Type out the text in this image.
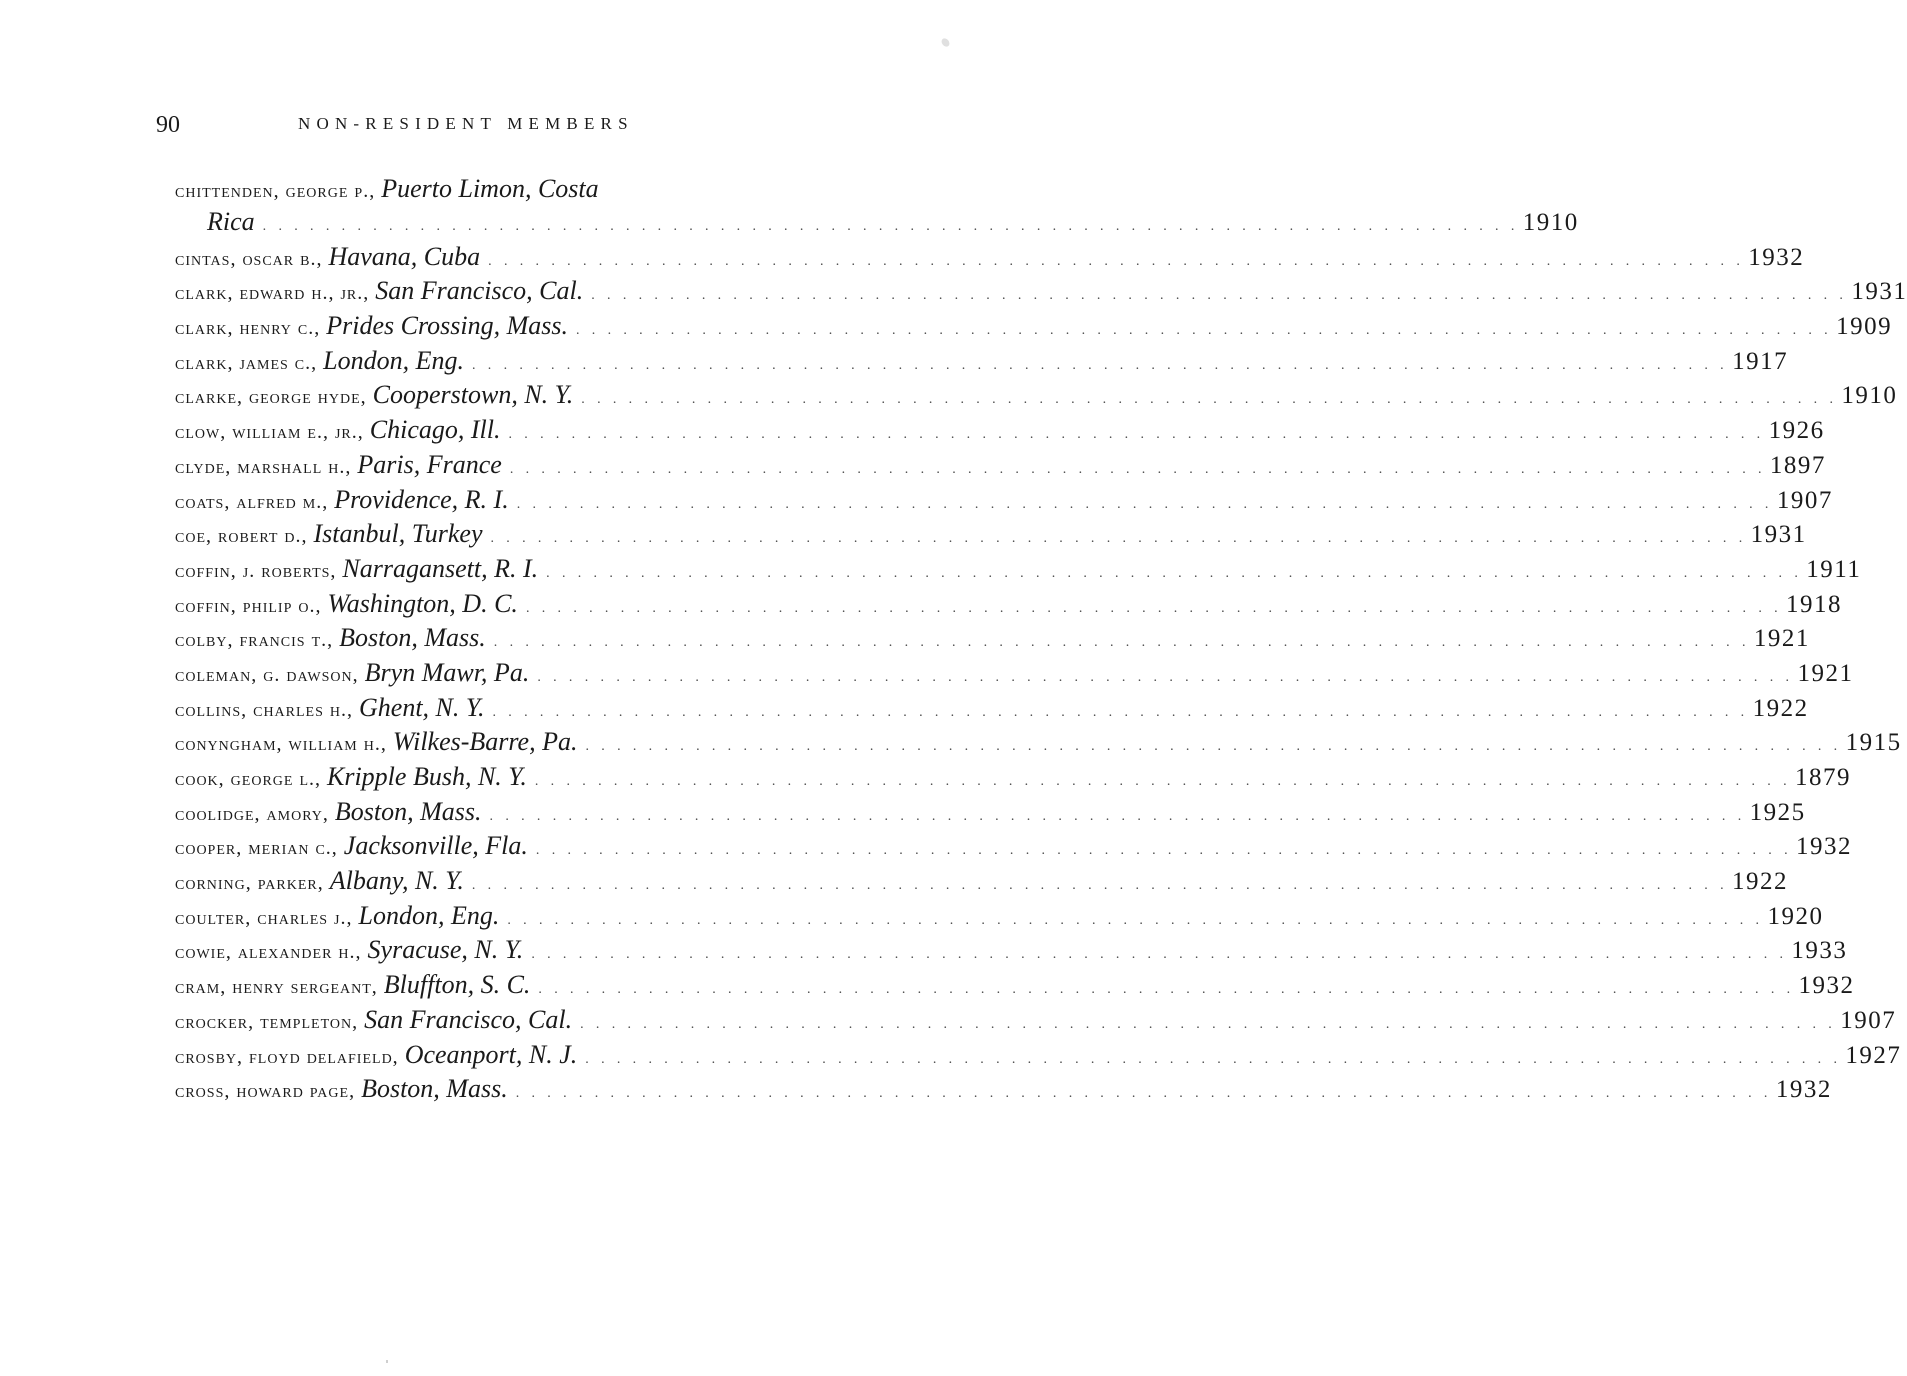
90	NON-RESIDENT MEMBERS
chittenden, george p., Puerto Limon, Costa
Rica . . . . . . . . . . . . . . . . . . . . . . . . . . . . . . . . . . . . . . . . . . . . . . . . . . . . . . . . . . . . . . . . . . . . . . . . . . . . . . . . 1910
cintas, oscar b., Havana, Cuba . . . . . . . . . . . . . . . . . . . . . . . . . . . . . . . . . . . . . . . . . . . . . . . . . . . . . . . . . . . . . . . . . . . . . . . . . . . . . . . . 1932
clark, edward h., jr., San Francisco, Cal. . . . . . . . . . . . . . . . . . . . . . . . . . . . . . . . . . . . . . . . . . . . . . . . . . . . . . . . . . . . . . . . . . . . . . . . . . . . . . . . . 1931
clark, henry c., Prides Crossing, Mass. . . . . . . . . . . . . . . . . . . . . . . . . . . . . . . . . . . . . . . . . . . . . . . . . . . . . . . . . . . . . . . . . . . . . . . . . . . . . . . . . 1909
clark, james c., London, Eng. . . . . . . . . . . . . . . . . . . . . . . . . . . . . . . . . . . . . . . . . . . . . . . . . . . . . . . . . . . . . . . . . . . . . . . . . . . . . . . . . 1917
clarke, george hyde, Cooperstown, N. Y. . . . . . . . . . . . . . . . . . . . . . . . . . . . . . . . . . . . . . . . . . . . . . . . . . . . . . . . . . . . . . . . . . . . . . . . . . . . . . . . . 1910
clow, william e., jr., Chicago, Ill. . . . . . . . . . . . . . . . . . . . . . . . . . . . . . . . . . . . . . . . . . . . . . . . . . . . . . . . . . . . . . . . . . . . . . . . . . . . . . . . . 1926
clyde, marshall h., Paris, France . . . . . . . . . . . . . . . . . . . . . . . . . . . . . . . . . . . . . . . . . . . . . . . . . . . . . . . . . . . . . . . . . . . . . . . . . . . . . . . . 1897
coats, alfred m., Providence, R. I. . . . . . . . . . . . . . . . . . . . . . . . . . . . . . . . . . . . . . . . . . . . . . . . . . . . . . . . . . . . . . . . . . . . . . . . . . . . . . . . . 1907
coe, robert d., Istanbul, Turkey . . . . . . . . . . . . . . . . . . . . . . . . . . . . . . . . . . . . . . . . . . . . . . . . . . . . . . . . . . . . . . . . . . . . . . . . . . . . . . . . 1931
coffin, j. roberts, Narragansett, R. I. . . . . . . . . . . . . . . . . . . . . . . . . . . . . . . . . . . . . . . . . . . . . . . . . . . . . . . . . . . . . . . . . . . . . . . . . . . . . . . . . 1911
coffin, philip o., Washington, D. C. . . . . . . . . . . . . . . . . . . . . . . . . . . . . . . . . . . . . . . . . . . . . . . . . . . . . . . . . . . . . . . . . . . . . . . . . . . . . . . . . 1918
colby, francis t., Boston, Mass. . . . . . . . . . . . . . . . . . . . . . . . . . . . . . . . . . . . . . . . . . . . . . . . . . . . . . . . . . . . . . . . . . . . . . . . . . . . . . . . . 1921
coleman, g. dawson, Bryn Mawr, Pa. . . . . . . . . . . . . . . . . . . . . . . . . . . . . . . . . . . . . . . . . . . . . . . . . . . . . . . . . . . . . . . . . . . . . . . . . . . . . . . . . 1921
collins, charles h., Ghent, N. Y. . . . . . . . . . . . . . . . . . . . . . . . . . . . . . . . . . . . . . . . . . . . . . . . . . . . . . . . . . . . . . . . . . . . . . . . . . . . . . . . . 1922
conyngham, william h., Wilkes-Barre, Pa. . . . . . . . . . . . . . . . . . . . . . . . . . . . . . . . . . . . . . . . . . . . . . . . . . . . . . . . . . . . . . . . . . . . . . . . . . . . . . . . . 1915
cook, george l., Kripple Bush, N. Y. . . . . . . . . . . . . . . . . . . . . . . . . . . . . . . . . . . . . . . . . . . . . . . . . . . . . . . . . . . . . . . . . . . . . . . . . . . . . . . . . 1879
coolidge, amory, Boston, Mass. . . . . . . . . . . . . . . . . . . . . . . . . . . . . . . . . . . . . . . . . . . . . . . . . . . . . . . . . . . . . . . . . . . . . . . . . . . . . . . . . 1925
cooper, merian c., Jacksonville, Fla. . . . . . . . . . . . . . . . . . . . . . . . . . . . . . . . . . . . . . . . . . . . . . . . . . . . . . . . . . . . . . . . . . . . . . . . . . . . . . . . . 1932
corning, parker, Albany, N. Y. . . . . . . . . . . . . . . . . . . . . . . . . . . . . . . . . . . . . . . . . . . . . . . . . . . . . . . . . . . . . . . . . . . . . . . . . . . . . . . . . 1922
coulter, charles j., London, Eng. . . . . . . . . . . . . . . . . . . . . . . . . . . . . . . . . . . . . . . . . . . . . . . . . . . . . . . . . . . . . . . . . . . . . . . . . . . . . . . . . 1920
cowie, alexander h., Syracuse, N. Y. . . . . . . . . . . . . . . . . . . . . . . . . . . . . . . . . . . . . . . . . . . . . . . . . . . . . . . . . . . . . . . . . . . . . . . . . . . . . . . . . 1933
cram, henry sergeant, Bluffton, S. C. . . . . . . . . . . . . . . . . . . . . . . . . . . . . . . . . . . . . . . . . . . . . . . . . . . . . . . . . . . . . . . . . . . . . . . . . . . . . . . . . 1932
crocker, templeton, San Francisco, Cal. . . . . . . . . . . . . . . . . . . . . . . . . . . . . . . . . . . . . . . . . . . . . . . . . . . . . . . . . . . . . . . . . . . . . . . . . . . . . . . . . 1907
crosby, floyd delafield, Oceanport, N. J. . . . . . . . . . . . . . . . . . . . . . . . . . . . . . . . . . . . . . . . . . . . . . . . . . . . . . . . . . . . . . . . . . . . . . . . . . . . . . . . . 1927
cross, howard page, Boston, Mass. . . . . . . . . . . . . . . . . . . . . . . . . . . . . . . . . . . . . . . . . . . . . . . . . . . . . . . . . . . . . . . . . . . . . . . . . . . . . . . . . 1932
